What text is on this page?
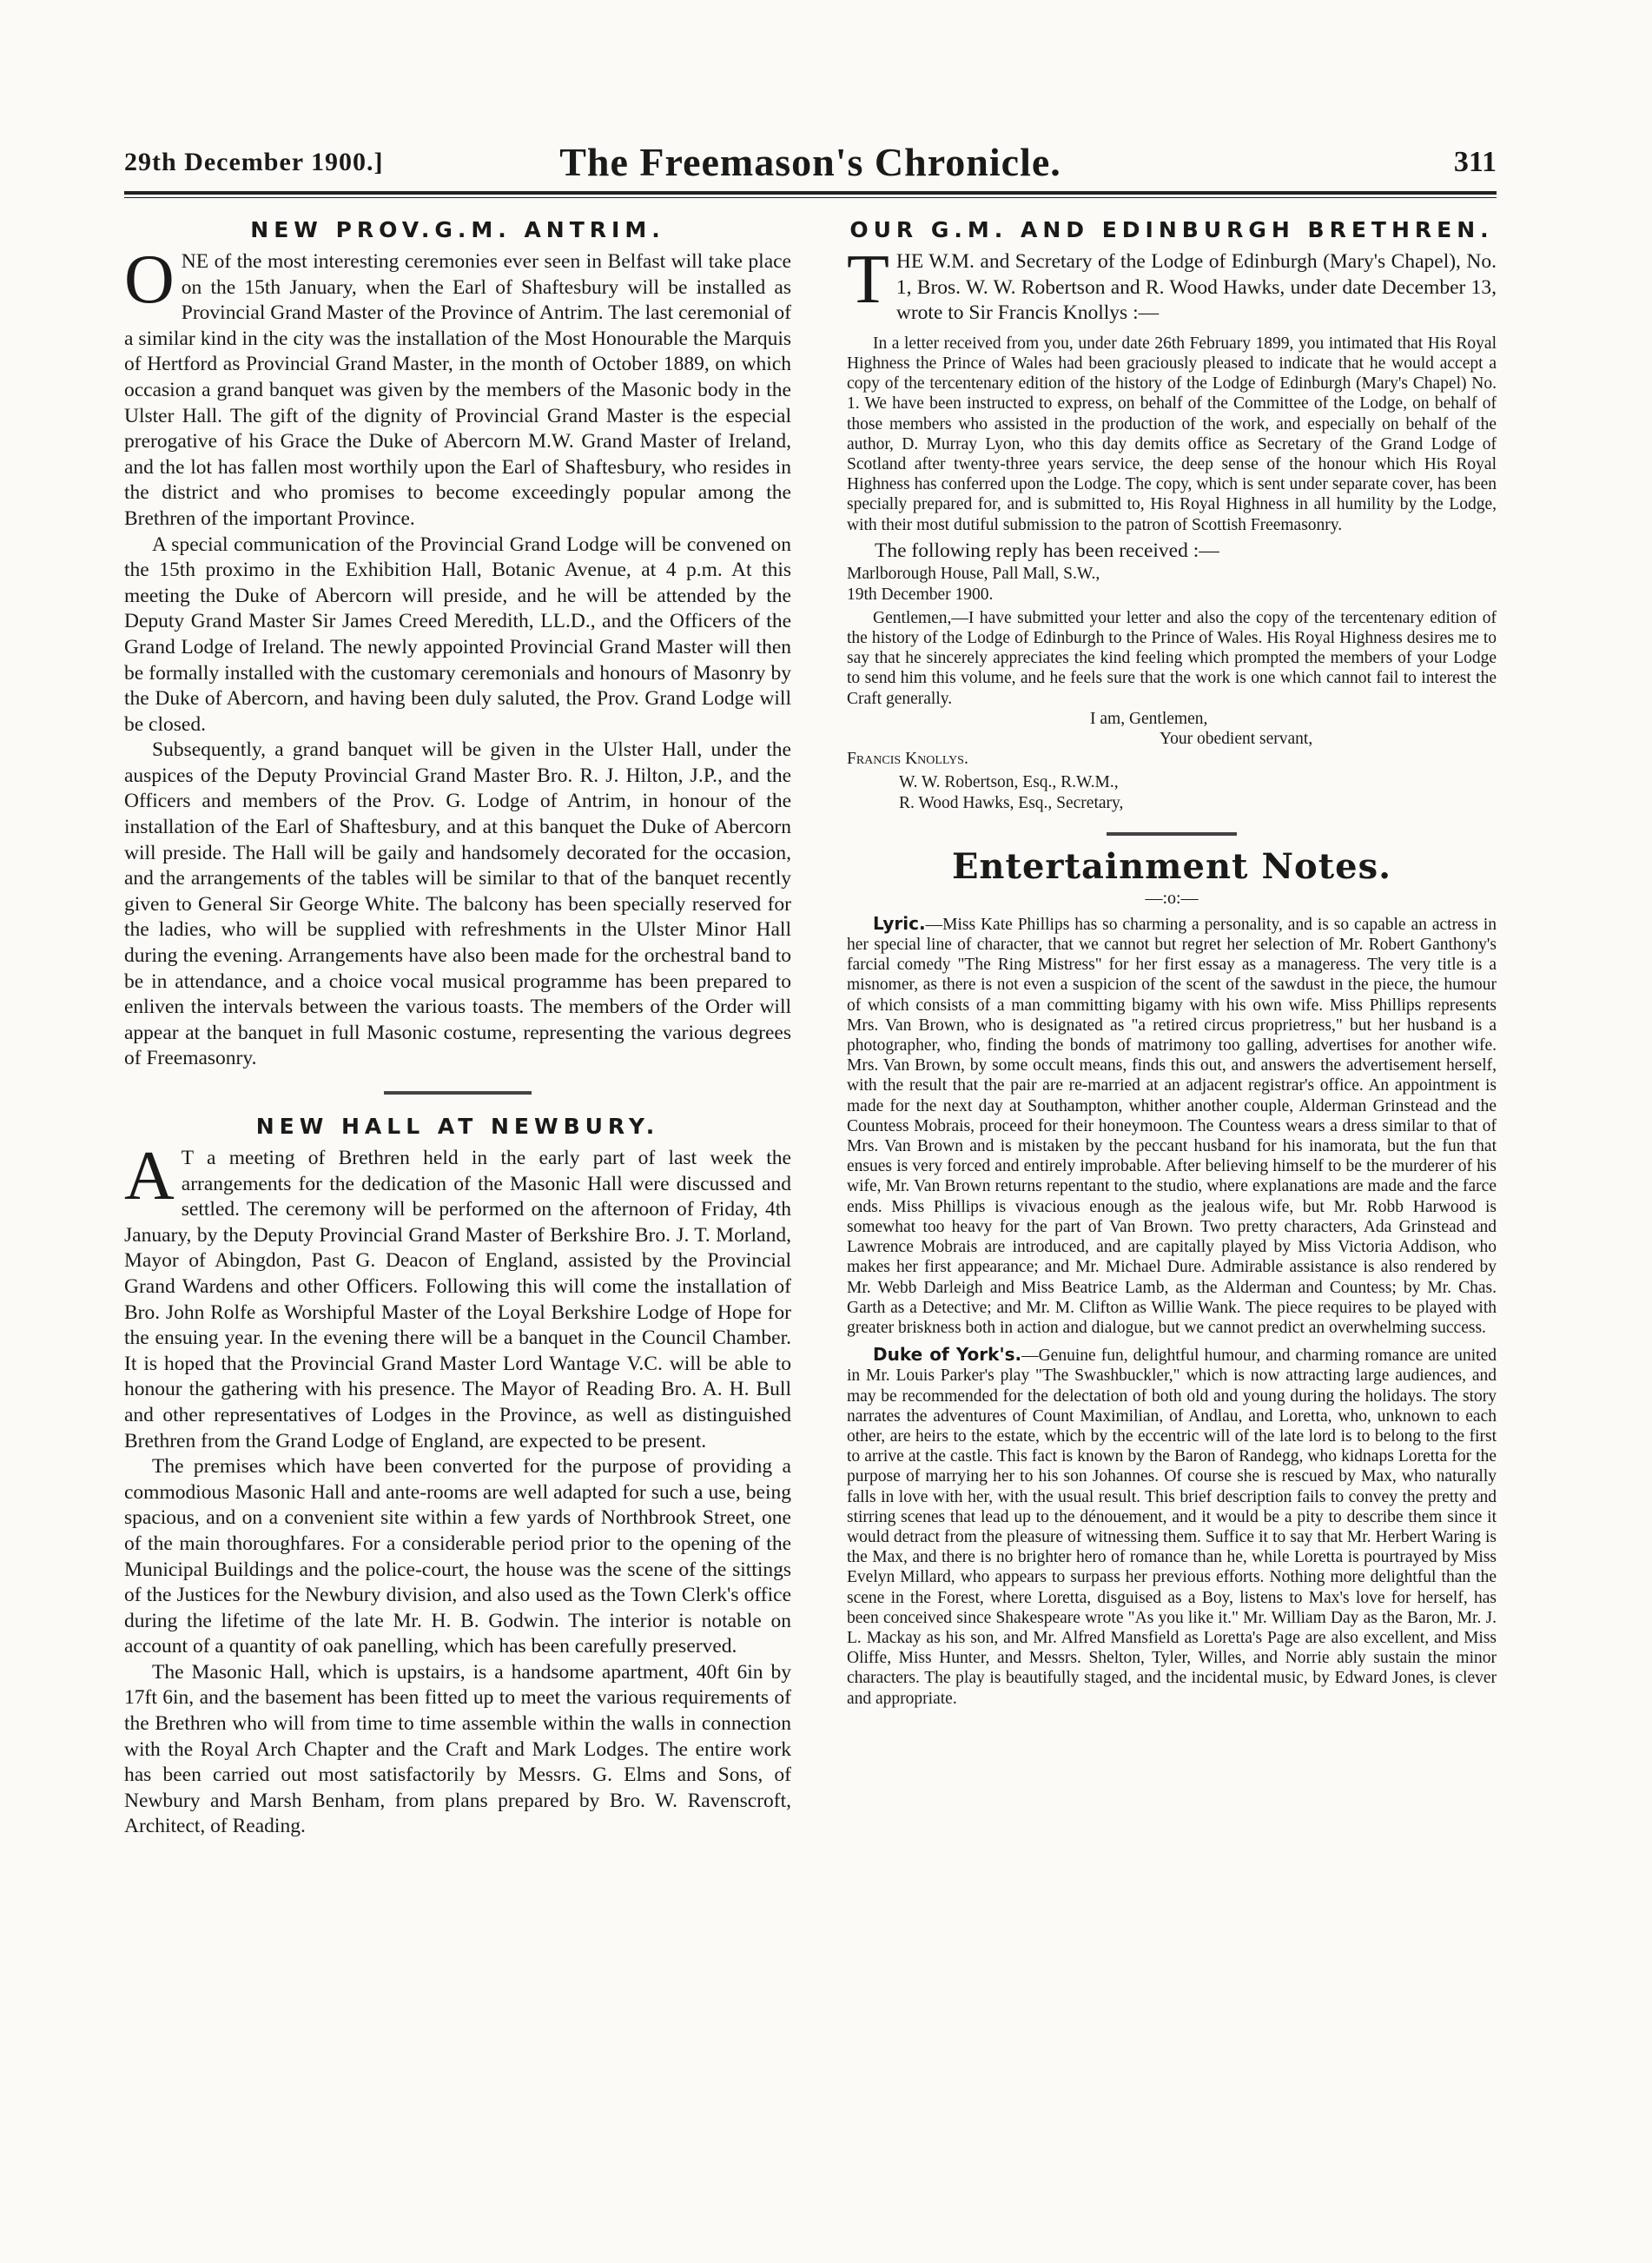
29th December 1900.]	The Freemason's Chronicle.	311
NEW PROV.G.M. ANTRIM.

ONE of the most interesting ceremonies ever seen in Belfast will take place on the 15th January, when the Earl of Shaftesbury will be installed as Provincial Grand Master of the Province of Antrim. The last ceremonial of a similar kind in the city was the installation of the Most Honourable the Marquis of Hertford as Provincial Grand Master, in the month of October 1889, on which occasion a grand banquet was given by the members of the Masonic body in the Ulster Hall. The gift of the dignity of Provincial Grand Master is the especial prerogative of his Grace the Duke of Abercorn M.W. Grand Master of Ireland, and the lot has fallen most worthily upon the Earl of Shaftesbury, who resides in the district and who promises to become exceedingly popular among the Brethren of the important Province.

A special communication of the Provincial Grand Lodge will be convened on the 15th proximo in the Exhibition Hall, Botanic Avenue, at 4 p.m. At this meeting the Duke of Abercorn will preside, and he will be attended by the Deputy Grand Master Sir James Creed Meredith, LL.D., and the Officers of the Grand Lodge of Ireland. The newly appointed Provincial Grand Master will then be formally installed with the customary ceremonials and honours of Masonry by the Duke of Abercorn, and having been duly saluted, the Prov. Grand Lodge will be closed.

Subsequently, a grand banquet will be given in the Ulster Hall, under the auspices of the Deputy Provincial Grand Master Bro. R. J. Hilton, J.P., and the Officers and members of the Prov. G. Lodge of Antrim, in honour of the installation of the Earl of Shaftesbury, and at this banquet the Duke of Abercorn will preside. The Hall will be gaily and handsomely decorated for the occasion, and the arrangements of the tables will be similar to that of the banquet recently given to General Sir George White. The balcony has been specially reserved for the ladies, who will be supplied with refreshments in the Ulster Minor Hall during the evening. Arrangements have also been made for the orchestral band to be in attendance, and a choice vocal musical programme has been prepared to enliven the intervals between the various toasts. The members of the Order will appear at the banquet in full Masonic costume, representing the various degrees of Freemasonry.

NEW HALL AT NEWBURY.

A T a meeting of Brethren held in the early part of last week the arrangements for the dedication of the Masonic Hall were discussed and settled. The ceremony will be performed on the afternoon of Friday, 4th January, by the Deputy Provincial Grand Master of Berkshire Bro. J. T. Morland, Mayor of Abingdon, Past G. Deacon of England, assisted by the Provincial Grand Wardens and other Officers. Following this will come the installation of Bro. John Rolfe as Worshipful Master of the Loyal Berkshire Lodge of Hope for the ensuing year. In the evening there will be a banquet in the Council Chamber. It is hoped that the Provincial Grand Master Lord Wantage V.C. will be able to honour the gathering with his presence. The Mayor of Reading Bro. A. H. Bull and other representatives of Lodges in the Province, as well as distinguished Brethren from the Grand Lodge of England, are expected to be present.

The premises which have been converted for the purpose of providing a commodious Masonic Hall and ante-rooms are well adapted for such a use, being spacious, and on a convenient site within a few yards of Northbrook Street, one of the main thoroughfares. For a considerable period prior to the opening of the Municipal Buildings and the police-court, the house was the scene of the sittings of the Justices for the Newbury division, and also used as the Town Clerk's office during the lifetime of the late Mr. H. B. Godwin. The interior is notable on account of a quantity of oak panelling, which has been carefully preserved.

The Masonic Hall, which is upstairs, is a handsome apartment, 40ft 6in by 17ft 6in, and the basement has been fitted up to meet the various requirements of the Brethren who will from time to time assemble within the walls in connection with the Royal Arch Chapter and the Craft and Mark Lodges. The entire work has been carried out most satisfactorily by Messrs. G. Elms and Sons, of Newbury and Marsh Benham, from plans prepared by Bro. W. Ravenscroft, Architect, of Reading.

OUR G.M. AND EDINBURGH BRETHREN.

THE W.M. and Secretary of the Lodge of Edinburgh (Mary's Chapel), No. 1, Bros. W. W. Robertson and R. Wood Hawks, under date December 13, wrote to Sir Francis Knollys :—

In a letter received from you, under date 26th February 1899, you intimated that His Royal Highness the Prince of Wales had been graciously pleased to indicate that he would accept a copy of the tercentenary edition of the history of the Lodge of Edinburgh (Mary's Chapel) No. 1. We have been instructed to express, on behalf of the Committee of the Lodge, on behalf of those members who assisted in the production of the work, and especially on behalf of the author, D. Murray Lyon, who this day demits office as Secretary of the Grand Lodge of Scotland after twenty-three years service, the deep sense of the honour which His Royal Highness has conferred upon the Lodge. The copy, which is sent under separate cover, has been specially prepared for, and is submitted to, His Royal Highness in all humility by the Lodge, with their most dutiful submission to the patron of Scottish Freemasonry.

The following reply has been received :—

Marlborough House, Pall Mall, S.W.,

19th December 1900.

Gentlemen,—I have submitted your letter and also the copy of the tercentenary edition of the history of the Lodge of Edinburgh to the Prince of Wales. His Royal Highness desires me to say that he sincerely appreciates the kind feeling which prompted the members of your Lodge to send him this volume, and he feels sure that the work is one which cannot fail to interest the Craft generally.

I am, Gentlemen,

Your obedient servant,

Francis Knollys.

W. W. Robertson, Esq., R.W.M.,

R. Wood Hawks, Esq., Secretary,

Entertainment Notes.
—:o:—

Lyric.—Miss Kate Phillips has so charming a personality, and is so capable an actress in her special line of character, that we cannot but regret her selection of Mr. Robert Ganthony's farcial comedy "The Ring Mistress" for her first essay as a manageress. The very title is a misnomer, as there is not even a suspicion of the scent of the sawdust in the piece, the humour of which consists of a man committing bigamy with his own wife. Miss Phillips represents Mrs. Van Brown, who is designated as "a retired circus proprietress," but her husband is a photographer, who, finding the bonds of matrimony too galling, advertises for another wife. Mrs. Van Brown, by some occult means, finds this out, and answers the advertisement herself, with the result that the pair are re-married at an adjacent registrar's office. An appointment is made for the next day at Southampton, whither another couple, Alderman Grinstead and the Countess Mobrais, proceed for their honeymoon. The Countess wears a dress similar to that of Mrs. Van Brown and is mistaken by the peccant husband for his inamorata, but the fun that ensues is very forced and entirely improbable. After believing himself to be the murderer of his wife, Mr. Van Brown returns repentant to the studio, where explanations are made and the farce ends. Miss Phillips is vivacious enough as the jealous wife, but Mr. Robb Harwood is somewhat too heavy for the part of Van Brown. Two pretty characters, Ada Grinstead and Lawrence Mobrais are introduced, and are capitally played by Miss Victoria Addison, who makes her first appearance; and Mr. Michael Dure. Admirable assistance is also rendered by Mr. Webb Darleigh and Miss Beatrice Lamb, as the Alderman and Countess; by Mr. Chas. Garth as a Detective; and Mr. M. Clifton as Willie Wank. The piece requires to be played with greater briskness both in action and dialogue, but we cannot predict an overwhelming success.

Duke of York's.—Genuine fun, delightful humour, and charming romance are united in Mr. Louis Parker's play "The Swashbuckler," which is now attracting large audiences, and may be recommended for the delectation of both old and young during the holidays. The story narrates the adventures of Count Maximilian, of Andlau, and Loretta, who, unknown to each other, are heirs to the estate, which by the eccentric will of the late lord is to belong to the first to arrive at the castle. This fact is known by the Baron of Randegg, who kidnaps Loretta for the purpose of marrying her to his son Johannes. Of course she is rescued by Max, who naturally falls in love with her, with the usual result. This brief description fails to convey the pretty and stirring scenes that lead up to the dénouement, and it would be a pity to describe them since it would detract from the pleasure of witnessing them. Suffice it to say that Mr. Herbert Waring is the Max, and there is no brighter hero of romance than he, while Loretta is pourtrayed by Miss Evelyn Millard, who appears to surpass her previous efforts. Nothing more delightful than the scene in the Forest, where Loretta, disguised as a Boy, listens to Max's love for herself, has been conceived since Shakespeare wrote "As you like it." Mr. William Day as the Baron, Mr. J. L. Mackay as his son, and Mr. Alfred Mansfield as Loretta's Page are also excellent, and Miss Oliffe, Miss Hunter, and Messrs. Shelton, Tyler, Willes, and Norrie ably sustain the minor characters. The play is beautifully staged, and the incidental music, by Edward Jones, is clever and appropriate.
